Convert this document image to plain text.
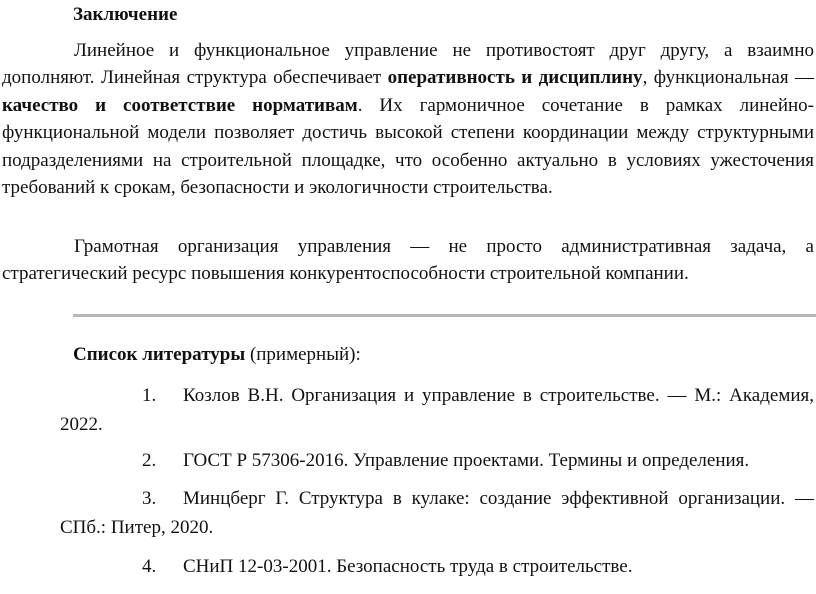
Заключение

Линейное и функциональное управление не противостоят друг другу, а взаимно дополняют. Линейная структура обеспечивает оперативность и дисциплину, функциональная — качество и соответствие нормативам. Их гармоничное сочетание в рамках линейно-функциональной модели позволяет достичь высокой степени координации между структурными подразделениями на строительной площадке, что особенно актуально в условиях ужесточения требований к срокам, безопасности и экологичности строительства.

Грамотная организация управления — не просто административная задача, а стратегический ресурс повышения конкурентоспособности строительной компании.

Список литературы (примерный):

1. Козлов В.Н. Организация и управление в строительстве. — М.: Академия, 2022.

2. ГОСТ Р 57306-2016. Управление проектами. Термины и определения.

3. Минцберг Г. Структура в кулаке: создание эффективной организации. — СПб.: Питер, 2020.

4. СНиП 12-03-2001. Безопасность труда в строительстве.
